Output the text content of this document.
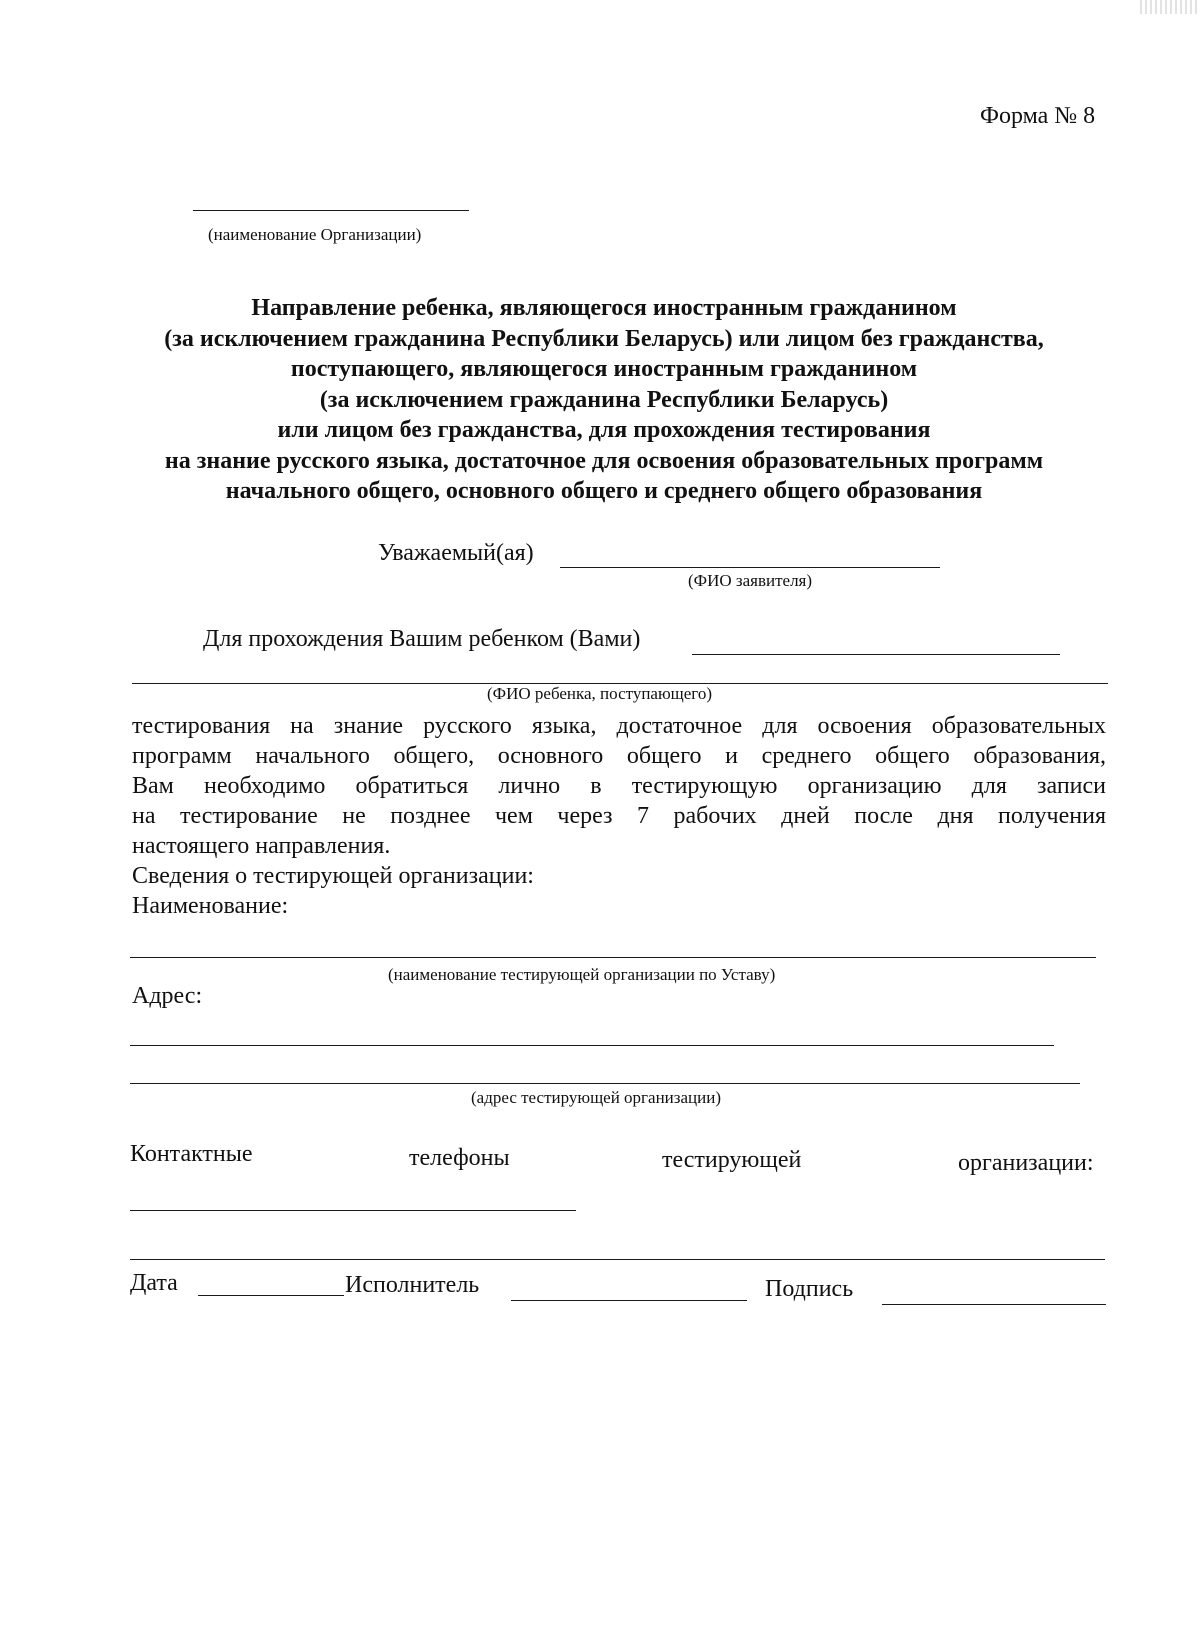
Форма № 8
(наименование Организации)
Направление ребенка, являющегося иностранным гражданином
(за исключением гражданина Республики Беларусь) или лицом без гражданства,
поступающего, являющегося иностранным гражданином
(за исключением гражданина Республики Беларусь)
или лицом без гражданства, для прохождения тестирования
на знание русского языка, достаточное для освоения образовательных программ
начального общего, основного общего и среднего общего образования
Уважаемый(ая)
(ФИО заявителя)
Для прохождения Вашим ребенком (Вами)
(ФИО ребенка, поступающего)
тестирования на знание русского языка, достаточное для освоения образовательных
программ начального общего, основного общего и среднего общего образования,
Вам необходимо обратиться лично в тестирующую организацию для записи
на тестирование не позднее чем через 7 рабочих дней после дня получения
настоящего направления.
Сведения о тестирующей организации:
Наименование:
(наименование тестирующей организации по Уставу)
Адрес:
(адрес тестирующей организации)
Контактные	телефоны	тестирующей	организации:
Дата	Исполнитель	Подпись
